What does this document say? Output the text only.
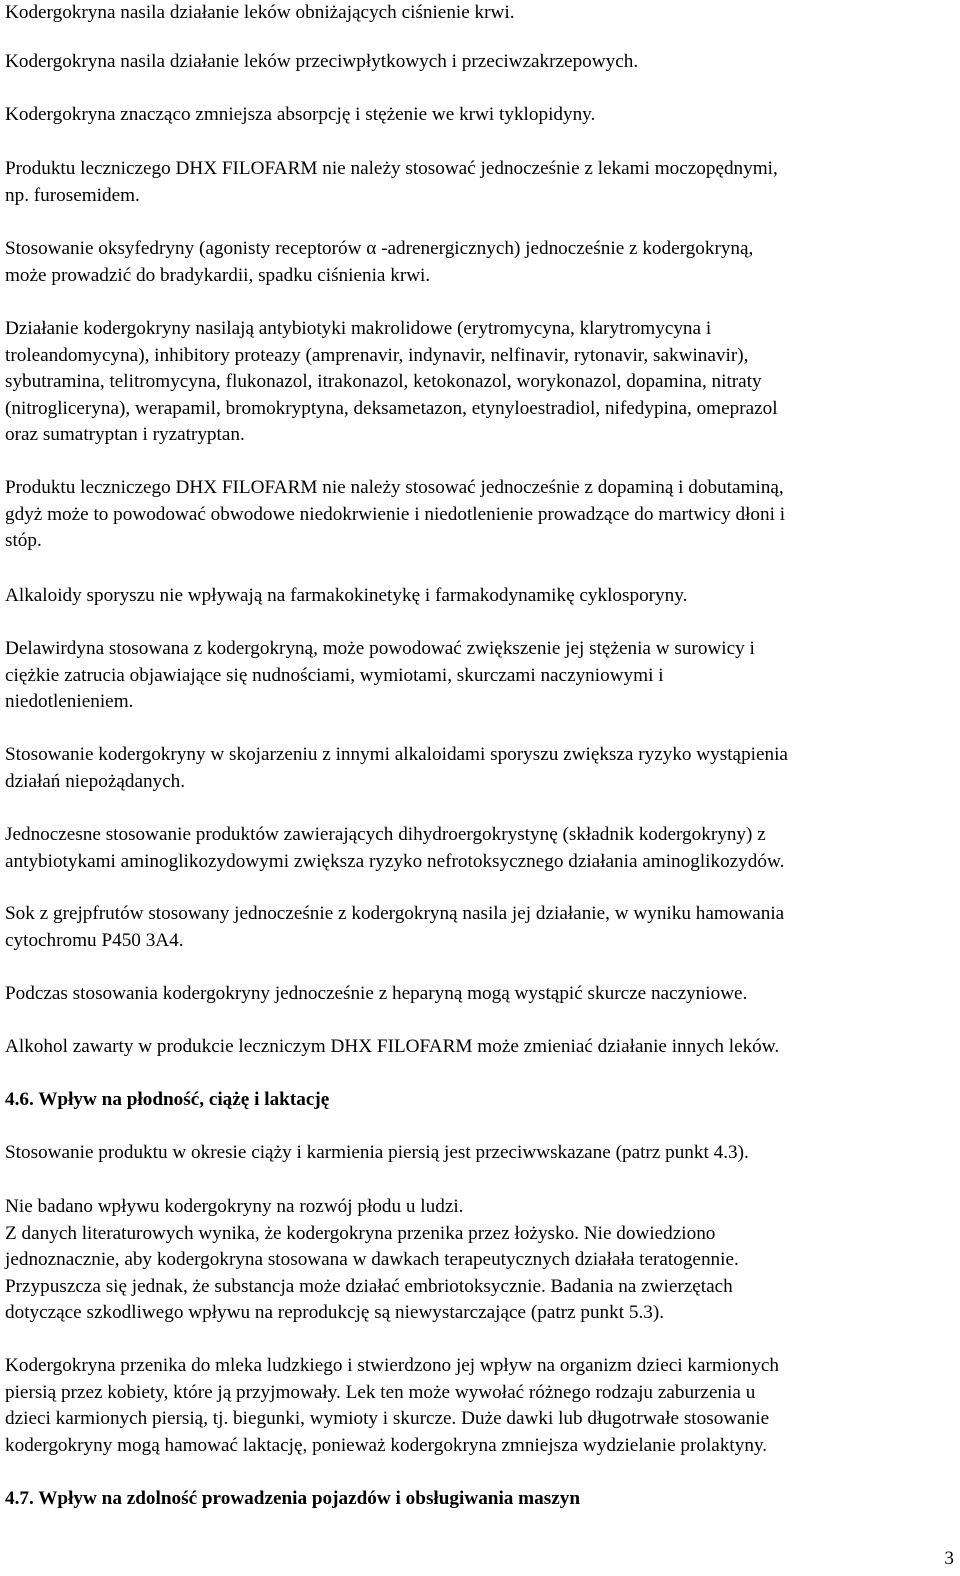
Kodergokryna nasila działanie leków obniżających ciśnienie krwi.

Kodergokryna nasila działanie leków przeciwpłytkowych i przeciwzakrzepowych.

Kodergokryna znacząco zmniejsza absorpcję i stężenie we krwi tyklopidyny.

Produktu leczniczego DHX FILOFARM nie należy stosować jednocześnie z lekami moczopędnymi,
np. furosemidem.

Stosowanie oksyfedryny (agonisty receptorów α -adrenergicznych) jednocześnie z kodergokryną,
może prowadzić do bradykardii, spadku ciśnienia krwi.

Działanie kodergokryny nasilają antybiotyki makrolidowe (erytromycyna, klarytromycyna i
troleandomycyna), inhibitory proteazy (amprenavir, indynavir, nelfinavir, rytonavir, sakwinavir),
sybutramina, telitromycyna, flukonazol, itrakonazol, ketokonazol, worykonazol, dopamina, nitraty
(nitrogliceryna), werapamil, bromokryptyna, deksametazon, etynyloestradiol, nifedypina, omeprazol
oraz sumatryptan i ryzatryptan.

Produktu leczniczego DHX FILOFARM nie należy stosować jednocześnie z dopaminą i dobutaminą,
gdyż może to powodować obwodowe niedokrwienie i niedotlenienie prowadzące do martwicy dłoni i
stóp.

Alkaloidy sporyszu nie wpływają na farmakokinetykę i farmakodynamikę cyklosporyny.

Delawirdyna stosowana z kodergokryną, może powodować zwiększenie jej stężenia w surowicy i
ciężkie zatrucia objawiające się nudnościami, wymiotami, skurczami naczyniowymi i
niedotlenieniem.

Stosowanie kodergokryny w skojarzeniu z innymi alkaloidami sporyszu zwiększa ryzyko wystąpienia
działań niepożądanych.

Jednoczesne stosowanie produktów zawierających dihydroergokrystynę (składnik kodergokryny) z
antybiotykami aminoglikozydowymi zwiększa ryzyko nefrotoksycznego działania aminoglikozydów.

Sok z grejpfrutów stosowany jednocześnie z kodergokryną nasila jej działanie, w wyniku hamowania
cytochromu P450 3A4.

Podczas stosowania kodergokryny jednocześnie z heparyną mogą wystąpić skurcze naczyniowe.

Alkohol zawarty w produkcie leczniczym DHX FILOFARM może zmieniać działanie innych leków.

4.6. Wpływ na płodność, ciążę i laktację

Stosowanie produktu w okresie ciąży i karmienia piersią jest przeciwwskazane (patrz punkt 4.3).

Nie badano wpływu kodergokryny na rozwój płodu u ludzi.
Z danych literaturowych wynika, że kodergokryna przenika przez łożysko. Nie dowiedziono
jednoznacznie, aby kodergokryna stosowana w dawkach terapeutycznych działała teratogennie.
Przypuszcza się jednak, że substancja może działać embriotoksycznie. Badania na zwierzętach
dotyczące szkodliwego wpływu na reprodukcję są niewystarczające (patrz punkt 5.3).

Kodergokryna przenika do mleka ludzkiego i stwierdzono jej wpływ na organizm dzieci karmionych
piersią przez kobiety, które ją przyjmowały. Lek ten może wywołać różnego rodzaju zaburzenia u
dzieci karmionych piersią, tj. biegunki, wymioty i skurcze. Duże dawki lub długotrwałe stosowanie
kodergokryny mogą hamować laktację, ponieważ kodergokryna zmniejsza wydzielanie prolaktyny.

4.7. Wpływ na zdolność prowadzenia pojazdów i obsługiwania maszyn

3
